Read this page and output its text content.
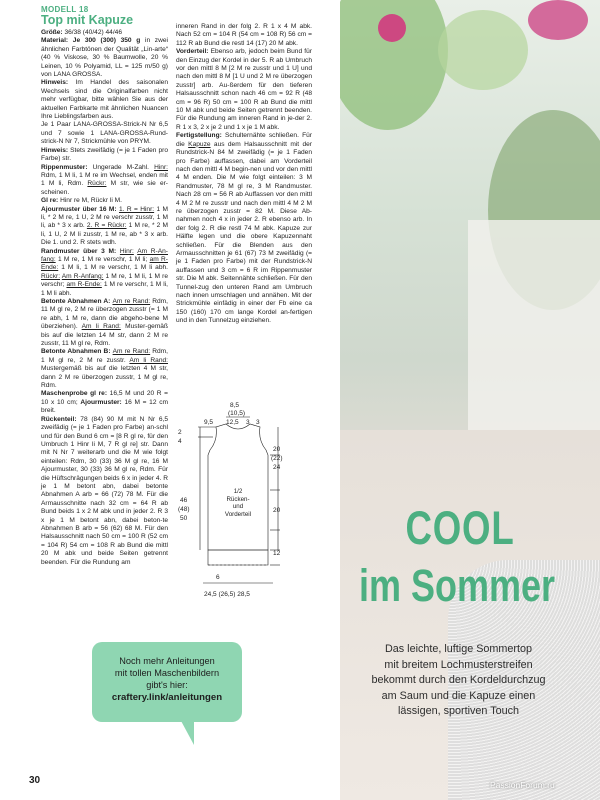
MODELL 18
Top mit Kapuze

Größe: 36/38 (40/42) 44/46

Material: Je 300 (300) 350 g in zwei ähnlichen Farbtönen der Qualität „Lin-arte“ (40 % Viskose, 30 % Baumwolle, 20 % Leinen, 10 % Polyamid, LL = 125 m/50 g) von LANA GROSSA.

Hinweis: Im Handel des saisonalen Wechsels sind die Originalfarben nicht mehr verfügbar, bitte wählen Sie aus der aktuellen Farbkarte mit ähnlichen Nuancen Ihre Lieblingsfarben aus.

Je 1 Paar LANA-GROSSA-Strick-N Nr 6,5 und 7 sowie 1 LANA-GROSSA-Rund-strick-N Nr 7, Strickmühle von PRYM.

Hinweis: Stets zweifädig (= je 1 Faden pro Farbe) str.

Rippenmuster: Ungerade M-Zahl. Hinr: Rdm, 1 M li, 1 M re im Wechsel, enden mit 1 M li, Rdm. Rückr: M str, wie sie er-scheinen.

Gl re: Hinr re M, Rückr li M.

Ajourmuster über 16 M: 1. R = Hinr: 1 M li, * 2 M re, 1 U, 2 M re verschr zusstr, 1 M li, ab * 3 x arb. 2. R = Rückr: 1 M re, * 2 M li, 1 U, 2 M li zusstr, 1 M re, ab * 3 x arb. Die 1. und 2. R stets wdh.

Randmuster über 3 M: Hinr: Am R-An-fang: 1 M re, 1 M re verschr, 1 M li; am R-Ende: 1 M li, 1 M re verschr, 1 M li abh. Rückr: Am R-Anfang: 1 M re, 1 M li, 1 M re verschr; am R-Ende: 1 M re verschr, 1 M li, 1 M li abh.

Betonte Abnahmen A: Am re Rand: Rdm, 11 M gl re, 2 M re überzogen zusstr (= 1 M re abh, 1 M re, dann die abgeho-bene M überziehen). Am li Rand: Muster-gemäß bis auf die letzten 14 M str, dann 2 M re zusstr, 11 M gl re, Rdm.

Betonte Abnahmen B: Am re Rand: Rdm, 1 M gl re, 2 M re zusstr. Am li Rand: Mustergemäß bis auf die letzten 4 M str, dann 2 M re überzogen zusstr, 1 M gl re, Rdm.

Maschenprobe gl re: 16,5 M und 20 R = 10 x 10 cm; Ajourmuster: 16 M = 12 cm breit.

Rückenteil: 78 (84) 90 M mit N Nr 6,5 zweifädig (= je 1 Faden pro Farbe) an-schl und für den Bund 6 cm = [8 R gl re, für den Umbruch 1 Hinr li M, 7 R gl re] str. Dann mit N Nr 7 weiterarb und die M wie folgt einteilen: Rdm, 30 (33) 36 M gl re, 16 M Ajourmuster, 30 (33) 36 M gl re, Rdm. Für die Hüftschrägungen beids 6 x in jeder 4. R je 1 M betont abn, dabei betonte Abnahmen A arb = 66 (72) 78 M. Für die Armausschnitte nach 32 cm = 64 R ab Bund beids 1 x 2 M abk und in jeder 2. R 3 x je 1 M betont abn, dabei beton-te Abnahmen B arb = 56 (62) 68 M. Für den Halsausschnitt nach 50 cm = 100 R (52 cm = 104 R) 54 cm = 108 R ab Bund die mittl 20 M abk und beide Seiten getrennt beenden. Für die Rundung am

inneren Rand in der folg 2. R 1 x 4 M abk. Nach 52 cm = 104 R (54 cm = 108 R) 56 cm = 112 R ab Bund die restl 14 (17) 20 M abk.

Vorderteil: Ebenso arb, jedoch beim Bund für den Einzug der Kordel in der 5. R ab Umbruch vor den mittl 8 M [2 M re zusstr und 1 U] und nach den mittl 8 M [1 U und 2 M re überzogen zusstr] arb. Au-ßerdem für den tieferen Halsausschnitt schon nach 46 cm = 92 R (48 cm = 96 R) 50 cm = 100 R ab Bund die mittl 10 M abk und beide Seiten getrennt beenden. Für die Rundung am inneren Rand in je-der 2. R 1 x 3, 2 x je 2 und 1 x je 1 M abk.

Fertigstellung: Schulternähte schließen. Für die Kapuze aus dem Halsausschnitt mit der Rundstrick-N 84 M zweifädig (= je 1 Faden pro Farbe) auffassen, dabei am Vorderteil nach den mittl 4 M begin-nen und vor den mittl 4 M enden. Die M wie folgt einteilen: 3 M Randmuster, 78 M gl re, 3 M Randmuster. Nach 28 cm = 56 R ab Auffassen vor den mittl 4 M 2 M re zusstr und nach den mittl 4 M 2 M re überzogen zusstr = 82 M. Diese Ab-nahmen noch 4 x in jeder 2. R ebenso arb. In der folg 2. R die restl 74 M abk. Kapuze zur Hälfte legen und die obere Kapuzennaht schließen. Für die Blenden aus den Armausschnitten je 61 (67) 73 M zweifädig (= je 1 Faden pro Farbe) mit der Rundstrick-N auffassen und 3 cm = 6 R im Rippenmuster str. Die M abk. Seitennähte schließen. Für den Tunnel-zug den unteren Rand am Umbruch nach innen umschlagen und annähen. Mit der Strickmühle einfädig in einer der Fb eine ca 150 (160) 170 cm lange Kordel an-fertigen und in den Tunnelzug einziehen.

8,5
(10,5)
9,5 12,5 3 3
2
4
20
(22)
24
20
12
6
46
(48)
50
1/2
Rücken-
und
Vorderteil
24,5 (26,5) 28,5
COOL
im Sommer
Das leichte, luftige Sommertop
mit breitem Lochmusterstreifen
bekommt durch den Kordeldurchzug
am Saum und die Kapuze einen
lässigen, sportiven Touch
Noch mehr Anleitungen
mit tollen Maschenbildern
gibt's hier:
craftery.link/anleitungen
30	PassionForum.ru
